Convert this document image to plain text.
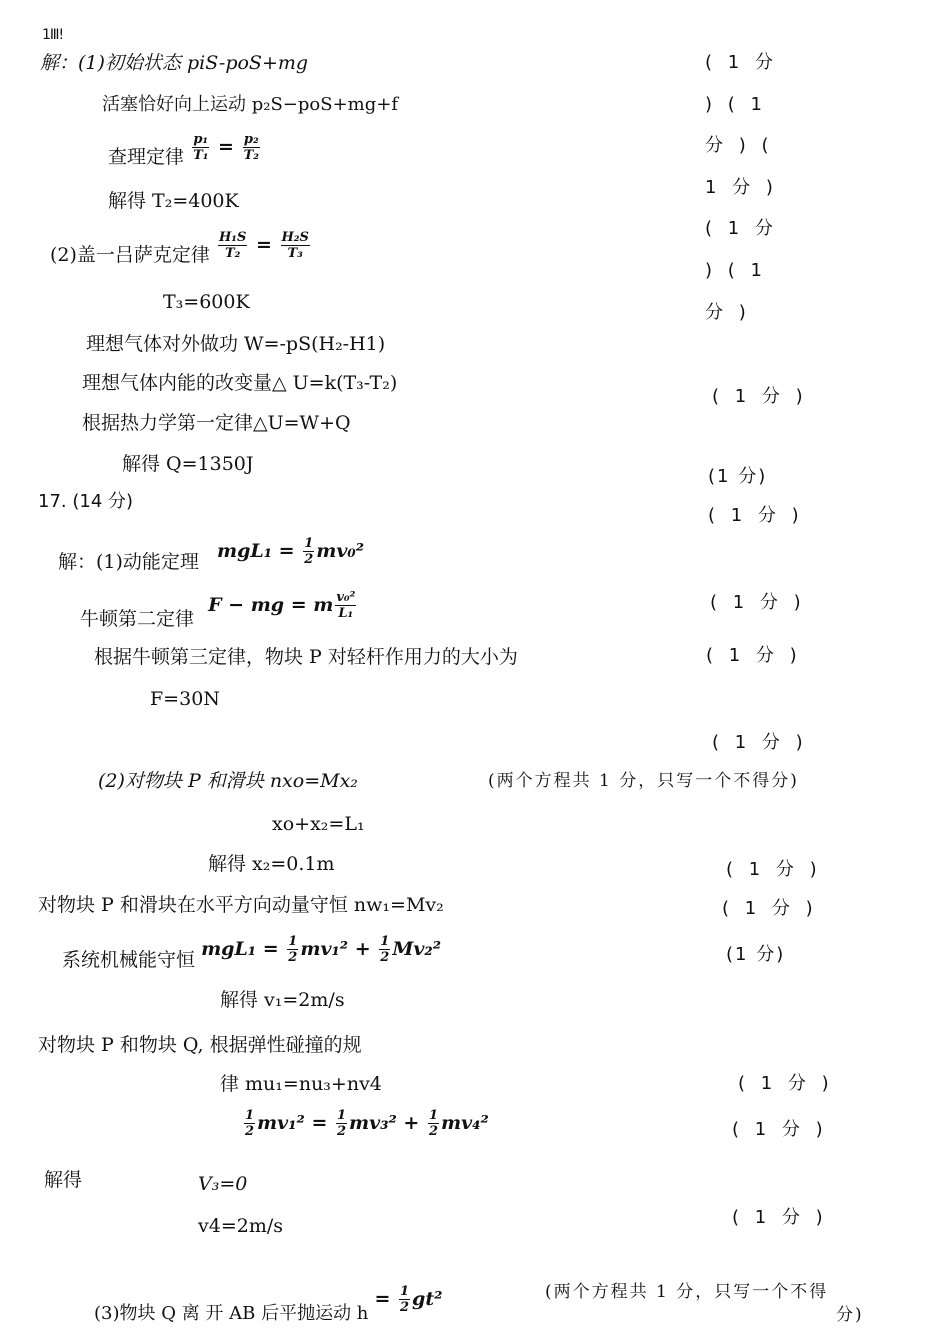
1Ⅲ!
解：(1)初始状态 piS-poS+mg
活塞恰好向上运动 p₂S−poS+mg+f
查理定律 $\frac{\text{p₁}}{\text{T₁}} = \frac{\text{p₂}}{\text{T₂}}$
解得 T₂=400K
(2)盖一吕萨克定律 $\frac{\text{H₁S}}{\text{T₂}} = \frac{\text{H₂S}}{\text{T₃}}$
T₃=600K
理想气体对外做功 W=-pS(H₂-H1)
理想气体内能的改变量△ U=k(T₃-T₂)
根据热力学第一定律△U=W+Q
解得 Q=1350J
( 1 分
) ( 1
分 ) (
1 分 )
( 1 分
) ( 1
分 )
( 1 分 )
(1 分)
17. (14 分)
解：(1)动能定理 $mgL_1 = \frac{1}{2} mv_0^2$
牛顿第二定律 F − mg = m $\frac{\text{v₀²}}{\text{L₁}}$
根据牛顿第三定律，物块 P 对轻杆作用力的大小为
F=30N
(2)对物块 P 和滑块 nxo=Mx₂	(两个方程共 1 分，只写一个不得分)
xo+x₂=L₁
解得 x₂=0.1m
对物块 P 和滑块在水平方向动量守恒 nw₁=Mv₂
系统机械能守恒 $mgL_1 = \frac{1}{2} mv_1^2 + \frac{1}{2} Mv_2^2$
解得 v₁=2m/s
对物块 P 和物块 Q, 根据弹性碰撞的规
律 mu₁=nu₃+nv4
$\frac{1}{2} mv_1^2 = \frac{1}{2} mv_3^2 + \frac{1}{2} mv_4^2$
解得	V₃=0
v4=2m/s
(3)物块 Q 离 开 AB 后平抛运动 $h = \frac{1}{2} gt^2$	(两个方程共 1 分，只写一个不得
分)
( 1 分 )
( 1 分 )
( 1 分 )
( 1 分 )
( 1 分 )
( 1 分 )
( 1 分 )
(1 分)
( 1 分 )
( 1 分 )
